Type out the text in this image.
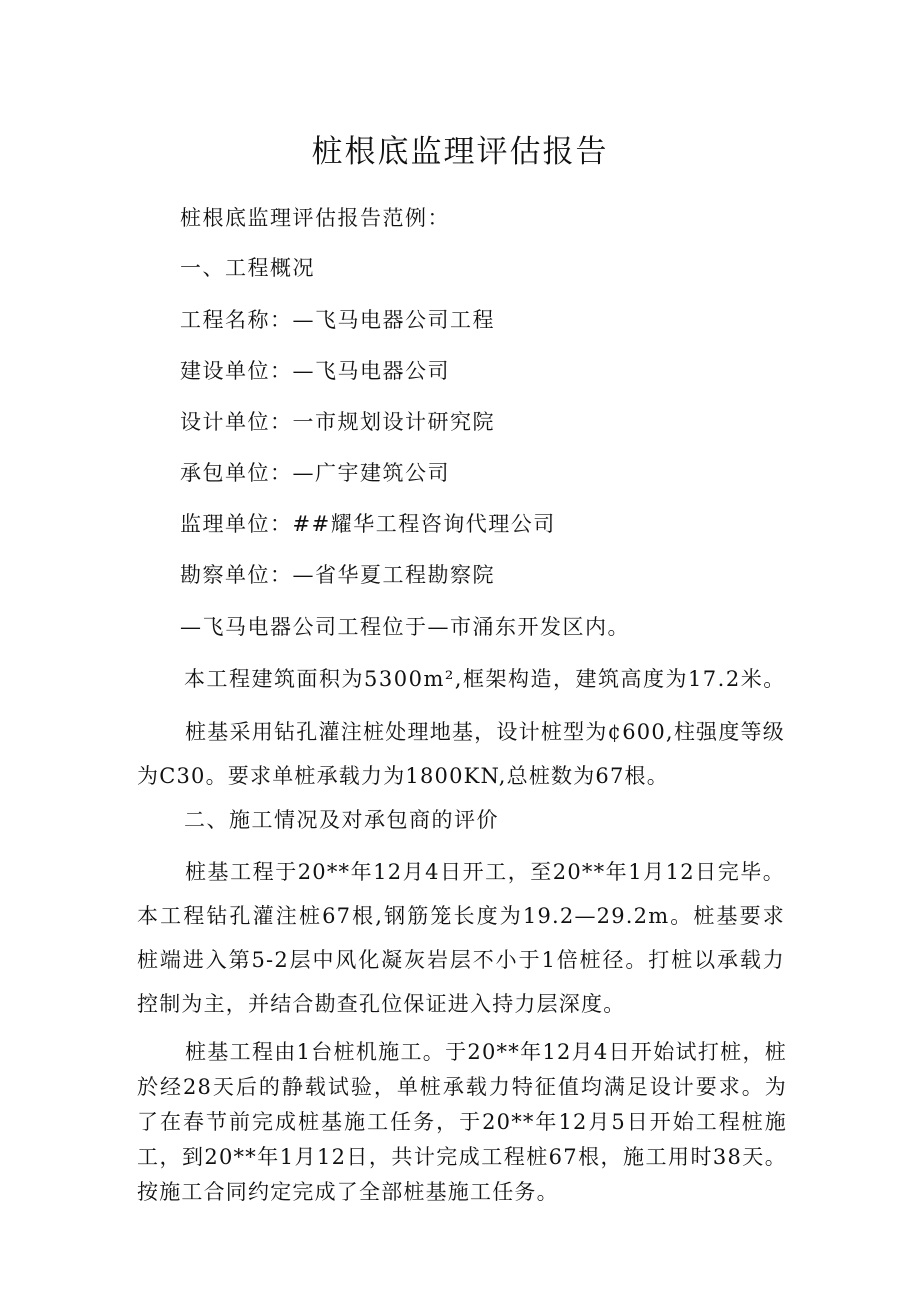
桩根底监理评估报告
桩根底监理评估报告范例：
一、工程概况
工程名称：—飞马电器公司工程
建设单位：—飞马电器公司
设计单位：一市规划设计研究院
承包单位：—广宇建筑公司
监理单位：##耀华工程咨询代理公司
勘察单位：—省华夏工程勘察院
—飞马电器公司工程位于—市涌东开发区内。
本工程建筑面积为5300m²,框架构造，建筑高度为17.2米。
桩基采用钻孔灌注桩处理地基，设计桩型为¢600,柱强度等级为C30。要求单桩承载力为1800KN,总桩数为67根。
二、施工情况及对承包商的评价
桩基工程于20**年12月4日开工，至20**年1月12日完毕。本工程钻孔灌注桩67根,钢筋笼长度为19.2—29.2m。桩基要求桩端进入第5-2层中风化凝灰岩层不小于1倍桩径。打桩以承载力控制为主，并结合勘查孔位保证进入持力层深度。
桩基工程由1台桩机施工。于20**年12月4日开始试打桩，桩於经28天后的静载试验，单桩承载力特征值均满足设计要求。为了在春节前完成桩基施工任务，于20**年12月5日开始工程桩施工，到20**年1月12日，共计完成工程桩67根，施工用时38天。按施工合同约定完成了全部桩基施工任务。
